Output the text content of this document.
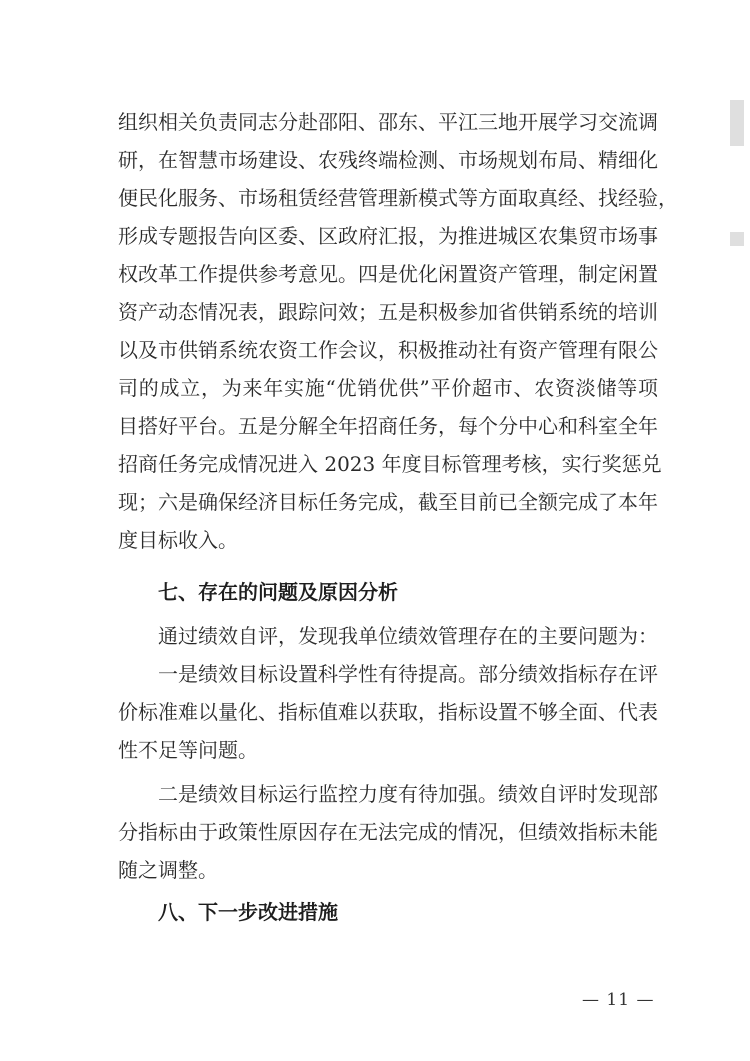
组织相关负责同志分赴邵阳、邵东、平江三地开展学习交流调
研，在智慧市场建设、农残终端检测、市场规划布局、精细化
便民化服务、市场租赁经营管理新模式等方面取真经、找经验，
形成专题报告向区委、区政府汇报，为推进城区农集贸市场事
权改革工作提供参考意见。四是优化闲置资产管理，制定闲置
资产动态情况表，跟踪问效；五是积极参加省供销系统的培训
以及市供销系统农资工作会议，积极推动社有资产管理有限公
司的成立，为来年实施“优销优供”平价超市、农资淡储等项
目搭好平台。五是分解全年招商任务，每个分中心和科室全年
招商任务完成情况进入 2023 年度目标管理考核，实行奖惩兑
现；六是确保经济目标任务完成，截至目前已全额完成了本年
度目标收入。
七、存在的问题及原因分析
通过绩效自评，发现我单位绩效管理存在的主要问题为：
一是绩效目标设置科学性有待提高。部分绩效指标存在评
价标准难以量化、指标值难以获取，指标设置不够全面、代表
性不足等问题。
二是绩效目标运行监控力度有待加强。绩效自评时发现部
分指标由于政策性原因存在无法完成的情况，但绩效指标未能
随之调整。
八、下一步改进措施
— 11 —
